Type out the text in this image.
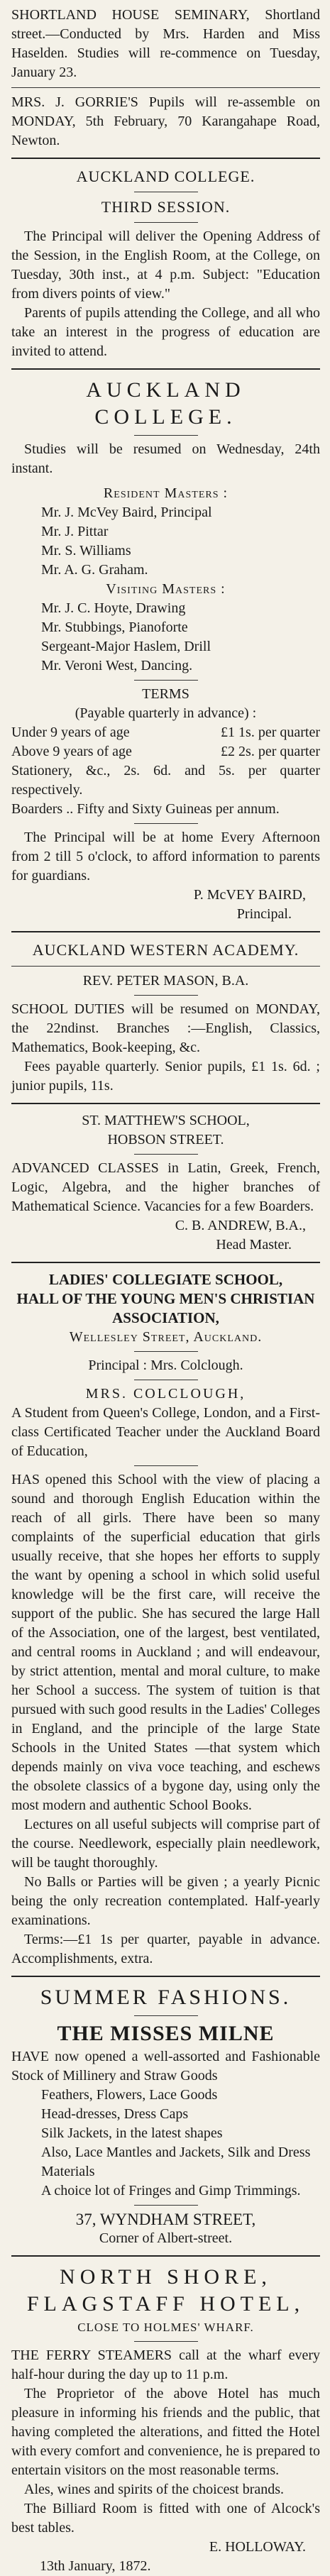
SHORTLAND HOUSE SEMINARY, Shortland street.—Conducted by Mrs. Harden and Miss Haselden. Studies will re-commence on Tuesday, January 23.

MRS. J. GORRIE'S Pupils will re-assemble on MONDAY, 5th February, 70 Karangahape Road, Newton.

AUCKLAND COLLEGE.
THIRD SESSION.

The Principal will deliver the Opening Address of the Session, in the English Room, at the College, on Tuesday, 30th inst., at 4 p.m. Subject: "Education from divers points of view."

Parents of pupils attending the College, and all who take an interest in the progress of education are invited to attend.

AUCKLAND COLLEGE.

Studies will be resumed on Wednesday, 24th instant.

Resident Masters :
Mr. J. McVey Baird, Principal
Mr. J. Pittar
Mr. S. Williams
Mr. A. G. Graham.
Visiting Masters :
Mr. J. C. Hoyte, Drawing
Mr. Stubbings, Pianoforte
Sergeant-Major Haslem, Drill
Mr. Veroni West, Dancing.
TERMS
(Payable quarterly in advance) :
Under 9 years of age	£1 1s. per quarter
Above 9 years of age	£2 2s. per quarter

Stationery, &c., 2s. 6d. and 5s. per quarter respectively.

Boarders .. Fifty and Sixty Guineas per annum.

The Principal will be at home Every Afternoon from 2 till 5 o'clock, to afford information to parents for guardians.

P. McVEY BAIRD,
Principal.
AUCKLAND WESTERN ACADEMY.
REV. PETER MASON, B.A.

SCHOOL DUTIES will be resumed on MONDAY, the 22ndinst. Branches :—English, Classics, Mathematics, Book-keeping, &c.

Fees payable quarterly. Senior pupils, £1 1s. 6d. ; junior pupils, 11s.

ST. MATTHEW'S SCHOOL,
HOBSON STREET.

ADVANCED CLASSES in Latin, Greek, French, Logic, Algebra, and the higher branches of Mathematical Science. Vacancies for a few Boarders.

C. B. ANDREW, B.A.,
Head Master.
LADIES' COLLEGIATE SCHOOL,
HALL OF THE YOUNG MEN'S CHRISTIAN ASSOCIATION,
Wellesley Street, Auckland.
Principal : Mrs. Colclough.
MRS. COLCLOUGH,

A Student from Queen's College, London, and a First-class Certificated Teacher under the Auckland Board of Education,

HAS opened this School with the view of placing a sound and thorough English Education within the reach of all girls. There have been so many complaints of the superficial education that girls usually receive, that she hopes her efforts to supply the want by opening a school in which solid useful knowledge will be the first care, will receive the support of the public. She has secured the large Hall of the Association, one of the largest, best ventilated, and central rooms in Auckland ; and will endeavour, by strict attention, mental and moral culture, to make her School a success. The system of tuition is that pursued with such good results in the Ladies' Colleges in England, and the principle of the large State Schools in the United States —that system which depends mainly on viva voce teaching, and eschews the obsolete classics of a bygone day, using only the most modern and authentic School Books.

Lectures on all useful subjects will comprise part of the course. Needlework, especially plain needlework, will be taught thoroughly.

No Balls or Parties will be given ; a yearly Picnic being the only recreation contemplated. Half-yearly examinations.

Terms:—£1 1s per quarter, payable in advance. Accomplishments, extra.

SUMMER FASHIONS.
THE MISSES MILNE

HAVE now opened a well-assorted and Fashionable Stock of Millinery and Straw Goods

Feathers, Flowers, Lace Goods
Head-dresses, Dress Caps
Silk Jackets, in the latest shapes
Also, Lace Mantles and Jackets, Silk and Dress Materials
A choice lot of Fringes and Gimp Trimmings.
37, WYNDHAM STREET,
Corner of Albert-street.
NORTH SHORE,
FLAGSTAFF HOTEL,
CLOSE TO HOLMES' WHARF.

THE FERRY STEAMERS call at the wharf every half-hour during the day up to 11 p.m.

The Proprietor of the above Hotel has much pleasure in informing his friends and the public, that having completed the alterations, and fitted the Hotel with every comfort and convenience, he is prepared to entertain visitors on the most reasonable terms.

Ales, wines and spirits of the choicest brands.

The Billiard Room is fitted with one of Alcock's best tables.

E. HOLLOWAY.
13th January, 1872.
